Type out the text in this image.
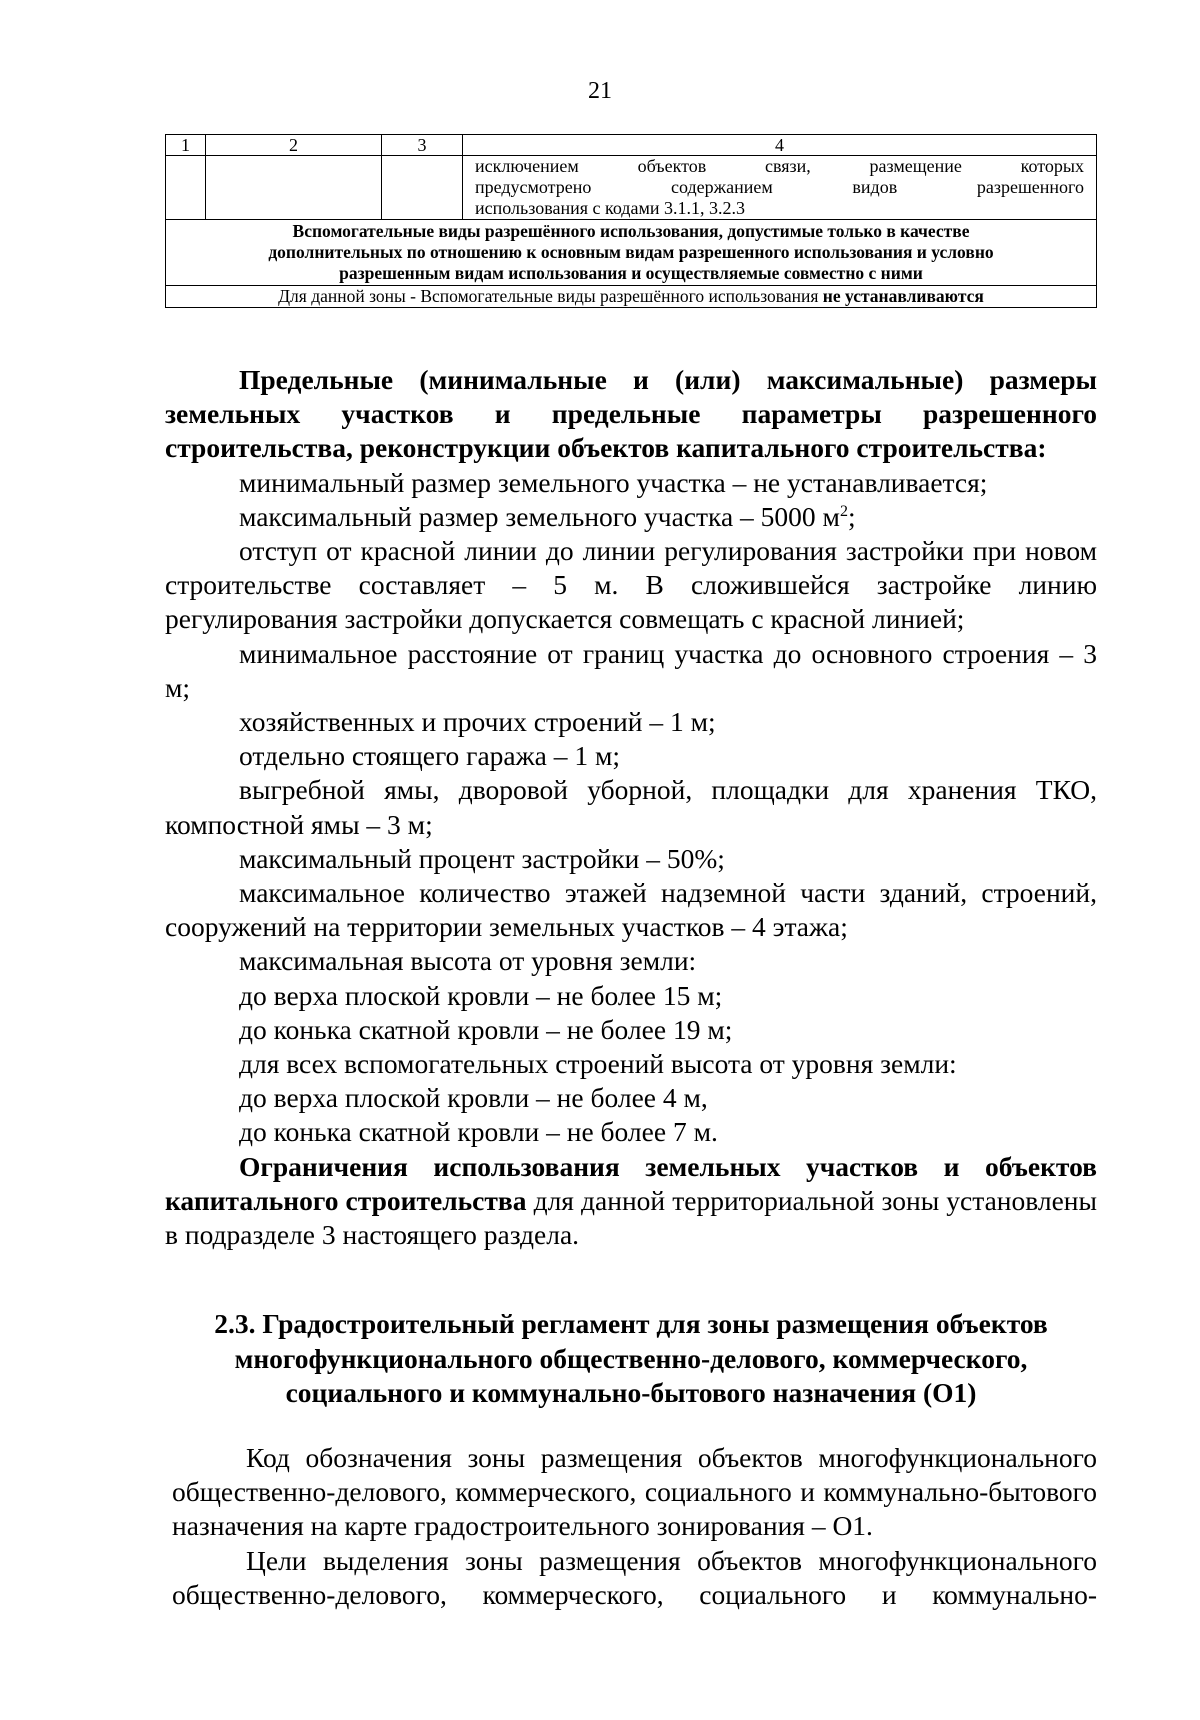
21
1	2	3	4

			исключением объектов связи, размещение которых
предусмотрено содержанием видов разрешенного
использования с кодами 3.1.1, 3.2.3

Вспомогательные виды разрешённого использования, допустимые только в качестве
дополнительных по отношению к основным видам разрешенного использования и условно
разрешенным видам использования и осуществляемые совместно с ними			

Для данной зоны - Вспомогательные виды разрешённого использования не устанавливаются			

Предельные (минимальные и (или) максимальные) размеры

земельных участков и предельные параметры разрешенного

строительства, реконструкции объектов капитального строительства:

минимальный размер земельного участка – не устанавливается;

максимальный размер земельного участка – 5000 $м^2$;

отступ от красной линии до линии регулирования застройки при новом строительстве составляет – 5 м. В сложившейся застройке линию регулирования застройки допускается совмещать с красной линией;

минимальное расстояние от границ участка до основного строения – 3 м;

хозяйственных и прочих строений – 1 м;

отдельно стоящего гаража – 1 м;

выгребной ямы, дворовой уборной, площадки для хранения ТКО, компостной ямы – 3 м;

максимальный процент застройки – 50%;

максимальное количество этажей надземной части зданий, строений, сооружений на территории земельных участков – 4 этажа;

максимальная высота от уровня земли:

до верха плоской кровли – не более 15 м;

до конька скатной кровли – не более 19 м;

для всех вспомогательных строений высота от уровня земли:

до верха плоской кровли – не более 4 м,

до конька скатной кровли – не более 7 м.

Ограничения использования земельных участков и объектов капитального строительства для данной территориальной зоны установлены в подразделе 3 настоящего раздела.

2.3. Градостроительный регламент для зоны размещения объектов

многофункционального общественно-делового, коммерческого,

социального и коммунально-бытового назначения (О1)

Код обозначения зоны размещения объектов многофункционального общественно-делового, коммерческого, социального и коммунально-бытового назначения на карте градостроительного зонирования – О1.

Цели выделения зоны размещения объектов многофункционального

общественно-делового, коммерческого, социального и коммунально-
